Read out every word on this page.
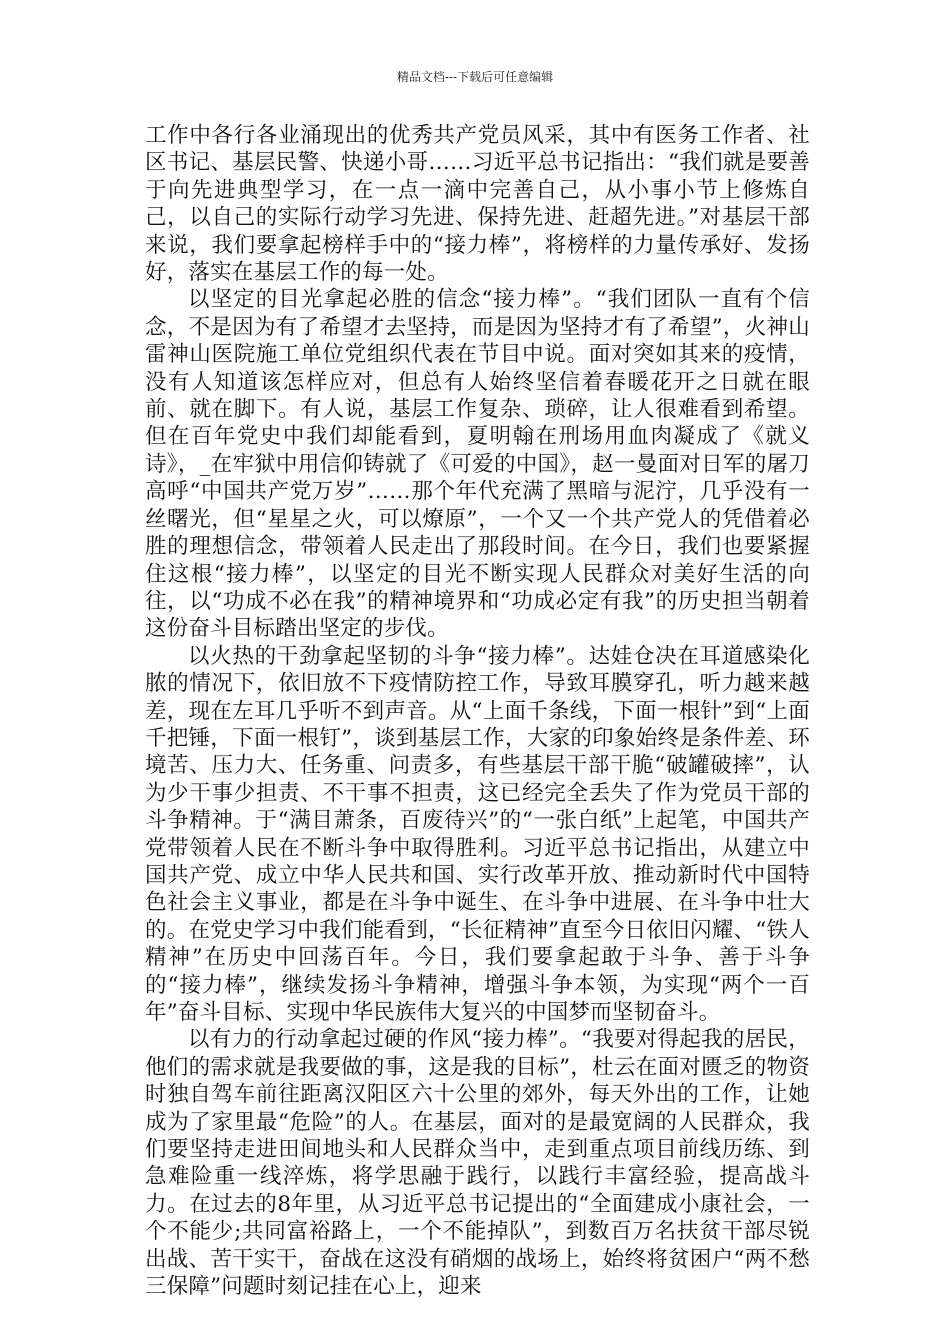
精品文档---下载后可任意编辑

工作中各行各业涌现出的优秀共产党员风采，其中有医务工作者、社区书记、基层民警、快递小哥……习近平总书记指出：“我们就是要善于向先进典型学习，在一点一滴中完善自己，从小事小节上修炼自己，以自己的实际行动学习先进、保持先进、赶超先进。”对基层干部来说，我们要拿起榜样手中的“接力棒”，将榜样的力量传承好、发扬好，落实在基层工作的每一处。

以坚定的目光拿起必胜的信念“接力棒”。“我们团队一直有个信念，不是因为有了希望才去坚持，而是因为坚持才有了希望”，火神山雷神山医院施工单位党组织代表在节目中说。面对突如其来的疫情，没有人知道该怎样应对，但总有人始终坚信着春暖花开之日就在眼前、就在脚下。有人说，基层工作复杂、琐碎，让人很难看到希望。但在百年党史中我们却能看到，夏明翰在刑场用血肉凝成了《就义诗》，_在牢狱中用信仰铸就了《可爱的中国》，赵一曼面对日军的屠刀高呼“中国共产党万岁”……那个年代充满了黑暗与泥泞，几乎没有一丝曙光，但“星星之火，可以燎原”，一个又一个共产党人的凭借着必胜的理想信念，带领着人民走出了那段时间。在今日，我们也要紧握住这根“接力棒”，以坚定的目光不断实现人民群众对美好生活的向往，以“功成不必在我”的精神境界和“功成必定有我”的历史担当朝着这份奋斗目标踏出坚定的步伐。

以火热的干劲拿起坚韧的斗争“接力棒”。达娃仓决在耳道感染化脓的情况下，依旧放不下疫情防控工作，导致耳膜穿孔，听力越来越差，现在左耳几乎听不到声音。从“上面千条线，下面一根针”到“上面千把锤，下面一根钉”，谈到基层工作，大家的印象始终是条件差、环境苦、压力大、任务重、问责多，有些基层干部干脆“破罐破摔”，认为少干事少担责、不干事不担责，这已经完全丢失了作为党员干部的斗争精神。于“满目萧条，百废待兴”的“一张白纸”上起笔，中国共产党带领着人民在不断斗争中取得胜利。习近平总书记指出，从建立中国共产党、成立中华人民共和国、实行改革开放、推动新时代中国特色社会主义事业，都是在斗争中诞生、在斗争中进展、在斗争中壮大的。在党史学习中我们能看到，“长征精神”直至今日依旧闪耀、“铁人精神”在历史中回荡百年。今日，我们要拿起敢于斗争、善于斗争的“接力棒”，继续发扬斗争精神，增强斗争本领，为实现“两个一百年”奋斗目标、实现中华民族伟大复兴的中国梦而坚韧奋斗。

以有力的行动拿起过硬的作风“接力棒”。“我要对得起我的居民，他们的需求就是我要做的事，这是我的目标”，杜云在面对匮乏的物资时独自驾车前往距离汉阳区六十公里的郊外，每天外出的工作，让她成为了家里最“危险”的人。在基层，面对的是最宽阔的人民群众，我们要坚持走进田间地头和人民群众当中，走到重点项目前线历练、到急难险重一线淬炼，将学思融于践行，以践行丰富经验，提高战斗力。在过去的8年里，从习近平总书记提出的“全面建成小康社会，一个不能少;共同富裕路上，一个不能掉队”，到数百万名扶贫干部尽锐出战、苦干实干，奋战在这没有硝烟的战场上，始终将贫困户“两不愁三保障”问题时刻记挂在心上，迎来
